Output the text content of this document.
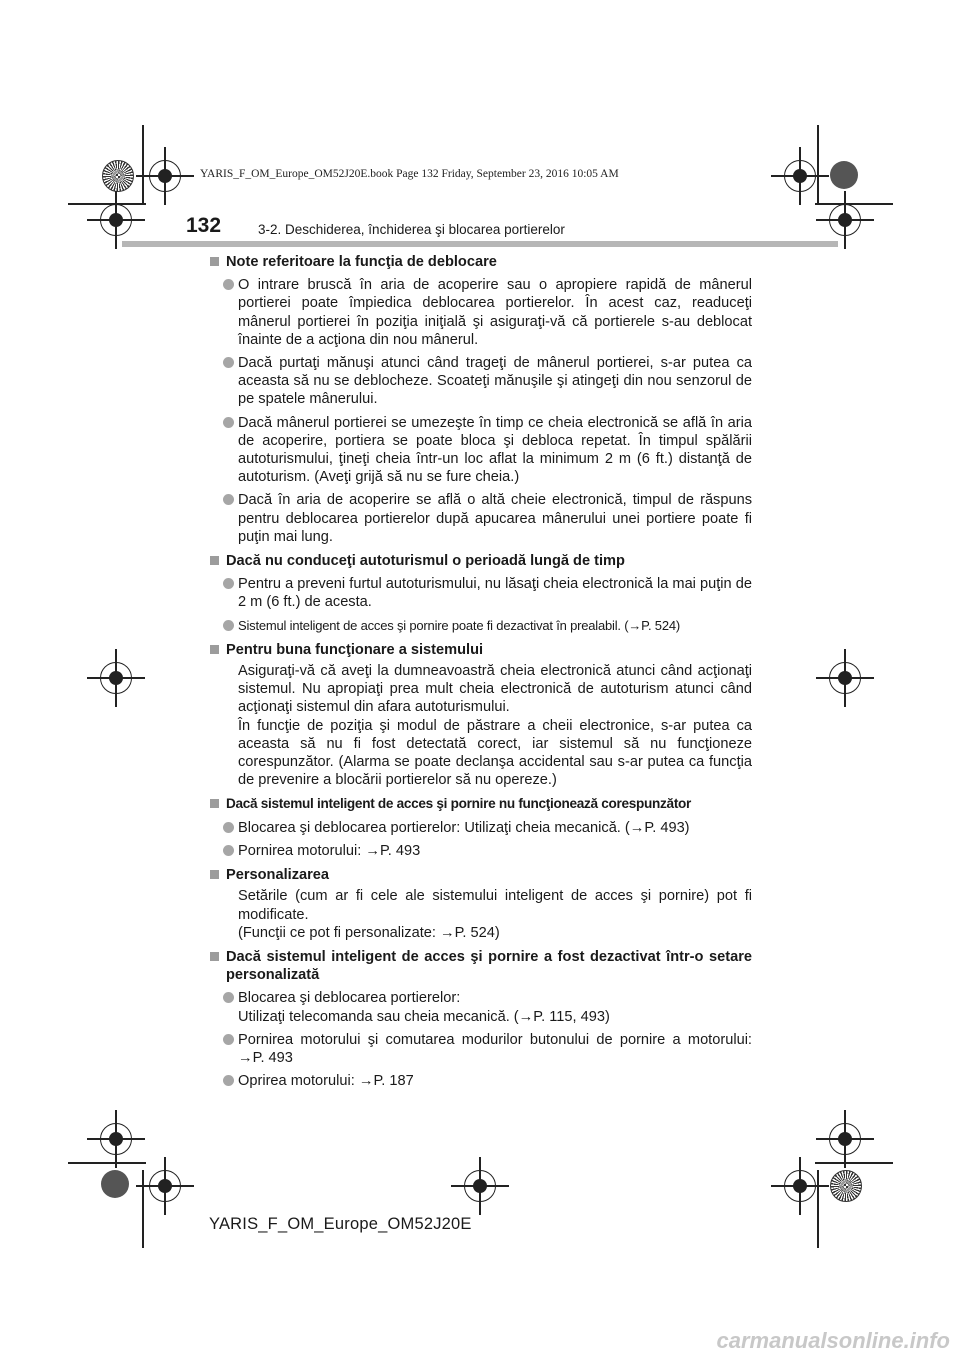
YARIS_F_OM_Europe_OM52J20E.book Page 132 Friday, September 23, 2016 10:05 AM
132	3-2. Deschiderea, închiderea şi blocarea portierelor
Note referitoare la funcţia de deblocare
O intrare bruscă în aria de acoperire sau o apropiere rapidă de mânerul portierei poate împiedica deblocarea portierelor. În acest caz, readuceţi mânerul portierei în poziţia iniţială şi asiguraţi-vă că portierele s-au deblocat înainte de a acţiona din nou mânerul.
Dacă purtaţi mănuşi atunci când trageţi de mânerul portierei, s-ar putea ca aceasta să nu se deblocheze. Scoateţi mănuşile şi atingeţi din nou senzorul de pe spatele mânerului.
Dacă mânerul portierei se umezeşte în timp ce cheia electronică se află în aria de acoperire, portiera se poate bloca şi debloca repetat. În timpul spălării autoturismului, ţineţi cheia într-un loc aflat la minimum 2 m (6 ft.) distanţă de autoturism. (Aveţi grijă să nu se fure cheia.)
Dacă în aria de acoperire se află o altă cheie electronică, timpul de răspuns pentru deblocarea portierelor după apucarea mânerului unei portiere poate fi puţin mai lung.
Dacă nu conduceţi autoturismul o perioadă lungă de timp
Pentru a preveni furtul autoturismului, nu lăsaţi cheia electronică la mai puţin de 2 m (6 ft.) de acesta.
Sistemul inteligent de acces şi pornire poate fi dezactivat în prealabil. (→P. 524)
Pentru buna funcţionare a sistemului
Asiguraţi-vă că aveţi la dumneavoastră cheia electronică atunci când acţionaţi sistemul. Nu apropiaţi prea mult cheia electronică de autoturism atunci când acţionaţi sistemul din afara autoturismului.
În funcţie de poziţia şi modul de păstrare a cheii electronice, s-ar putea ca aceasta să nu fi fost detectată corect, iar sistemul să nu funcţioneze corespunzător. (Alarma se poate declanşa accidental sau s-ar putea ca funcţia de prevenire a blocării portierelor să nu opereze.)
Dacă sistemul inteligent de acces şi pornire nu funcţionează corespunzător
Blocarea şi deblocarea portierelor: Utilizaţi cheia mecanică. (→P. 493)
Pornirea motorului: →P. 493
Personalizarea
Setările (cum ar fi cele ale sistemului inteligent de acces şi pornire) pot fi modificate.
(Funcţii ce pot fi personalizate: →P. 524)
Dacă sistemul inteligent de acces şi pornire a fost dezactivat într-o setare personalizată
Blocarea şi deblocarea portierelor:
Utilizaţi telecomanda sau cheia mecanică. (→P. 115, 493)
Pornirea motorului şi comutarea modurilor butonului de pornire a motorului: →P. 493
Oprirea motorului: →P. 187
YARIS_F_OM_Europe_OM52J20E
carmanualsonline.info
